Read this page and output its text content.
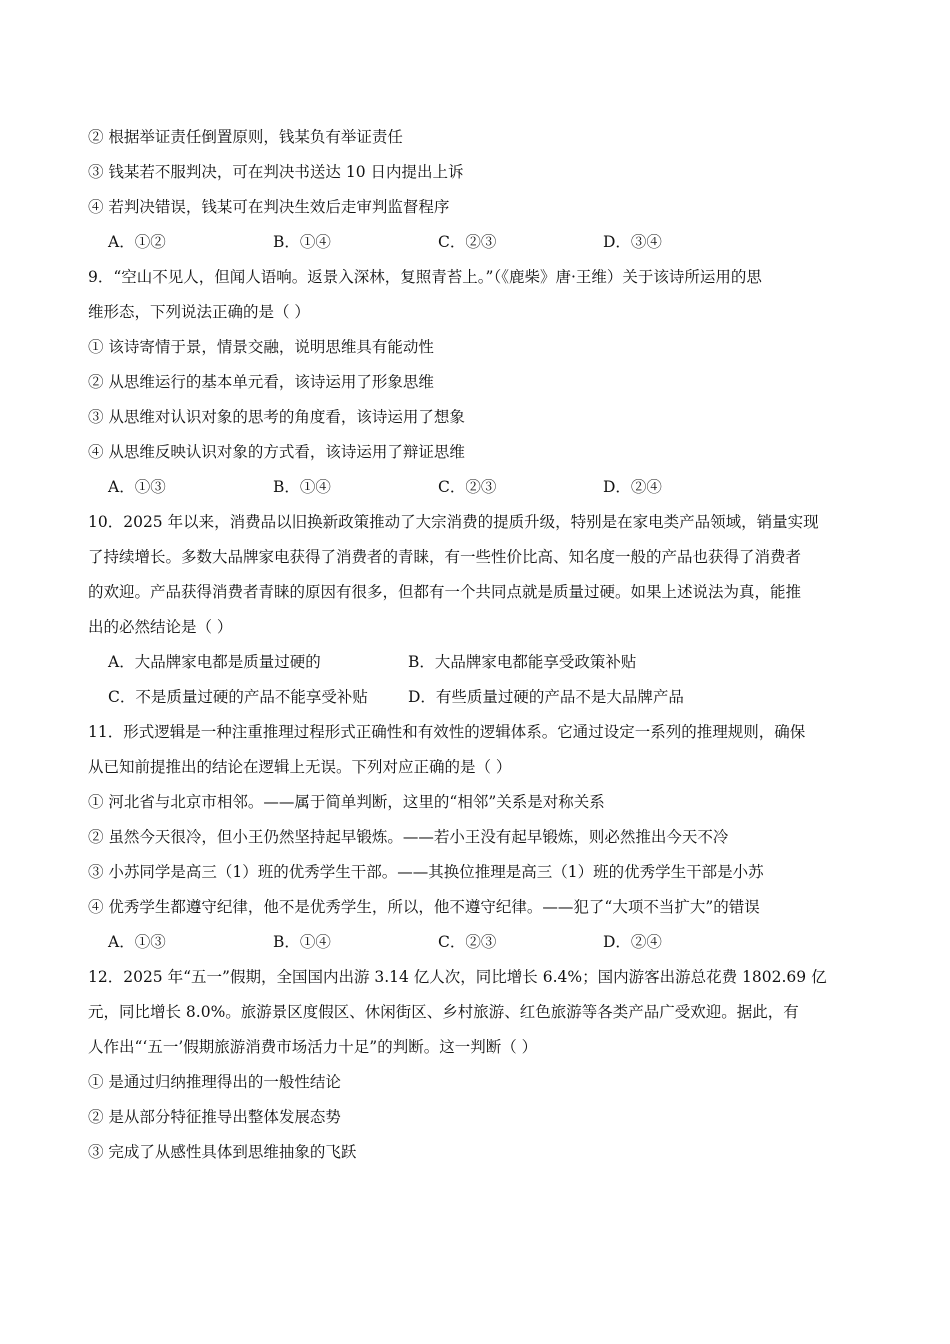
② 根据举证责任倒置原则，钱某负有举证责任
③ 钱某若不服判决，可在判决书送达 10 日内提出上诉
④ 若判决错误，钱某可在判决生效后走审判监督程序
A．①②	B．①④	C．②③	D．③④
9．“空山不见人，但闻人语响。返景入深林，复照青苔上。”（《鹿柴》唐·王维）关于该诗所运用的思
维形态，下列说法正确的是（ ）
① 该诗寄情于景，情景交融，说明思维具有能动性
② 从思维运行的基本单元看，该诗运用了形象思维
③ 从思维对认识对象的思考的角度看，该诗运用了想象
④ 从思维反映认识对象的方式看，该诗运用了辩证思维
A．①③	B．①④	C．②③	D．②④
10．2025 年以来，消费品以旧换新政策推动了大宗消费的提质升级，特别是在家电类产品领域，销量实现
了持续增长。多数大品牌家电获得了消费者的青睐，有一些性价比高、知名度一般的产品也获得了消费者
的欢迎。产品获得消费者青睐的原因有很多，但都有一个共同点就是质量过硬。如果上述说法为真，能推
出的必然结论是（ ）
A．大品牌家电都是质量过硬的	B．大品牌家电都能享受政策补贴
C．不是质量过硬的产品不能享受补贴	D．有些质量过硬的产品不是大品牌产品
11．形式逻辑是一种注重推理过程形式正确性和有效性的逻辑体系。它通过设定一系列的推理规则，确保
从已知前提推出的结论在逻辑上无误。下列对应正确的是（ ）
① 河北省与北京市相邻。——属于简单判断，这里的“相邻”关系是对称关系
② 虽然今天很冷，但小王仍然坚持起早锻炼。——若小王没有起早锻炼，则必然推出今天不冷
③ 小苏同学是高三（1）班的优秀学生干部。——其换位推理是高三（1）班的优秀学生干部是小苏
④ 优秀学生都遵守纪律，他不是优秀学生，所以，他不遵守纪律。——犯了“大项不当扩大”的错误
A．①③	B．①④	C．②③	D．②④
12．2025 年“五一”假期，全国国内出游 3.14 亿人次，同比增长 6.4%；国内游客出游总花费 1802.69 亿
元，同比增长 8.0%。旅游景区度假区、休闲街区、乡村旅游、红色旅游等各类产品广受欢迎。据此，有
人作出“‘五一’假期旅游消费市场活力十足”的判断。这一判断（ ）
① 是通过归纳推理得出的一般性结论
② 是从部分特征推导出整体发展态势
③ 完成了从感性具体到思维抽象的飞跃
